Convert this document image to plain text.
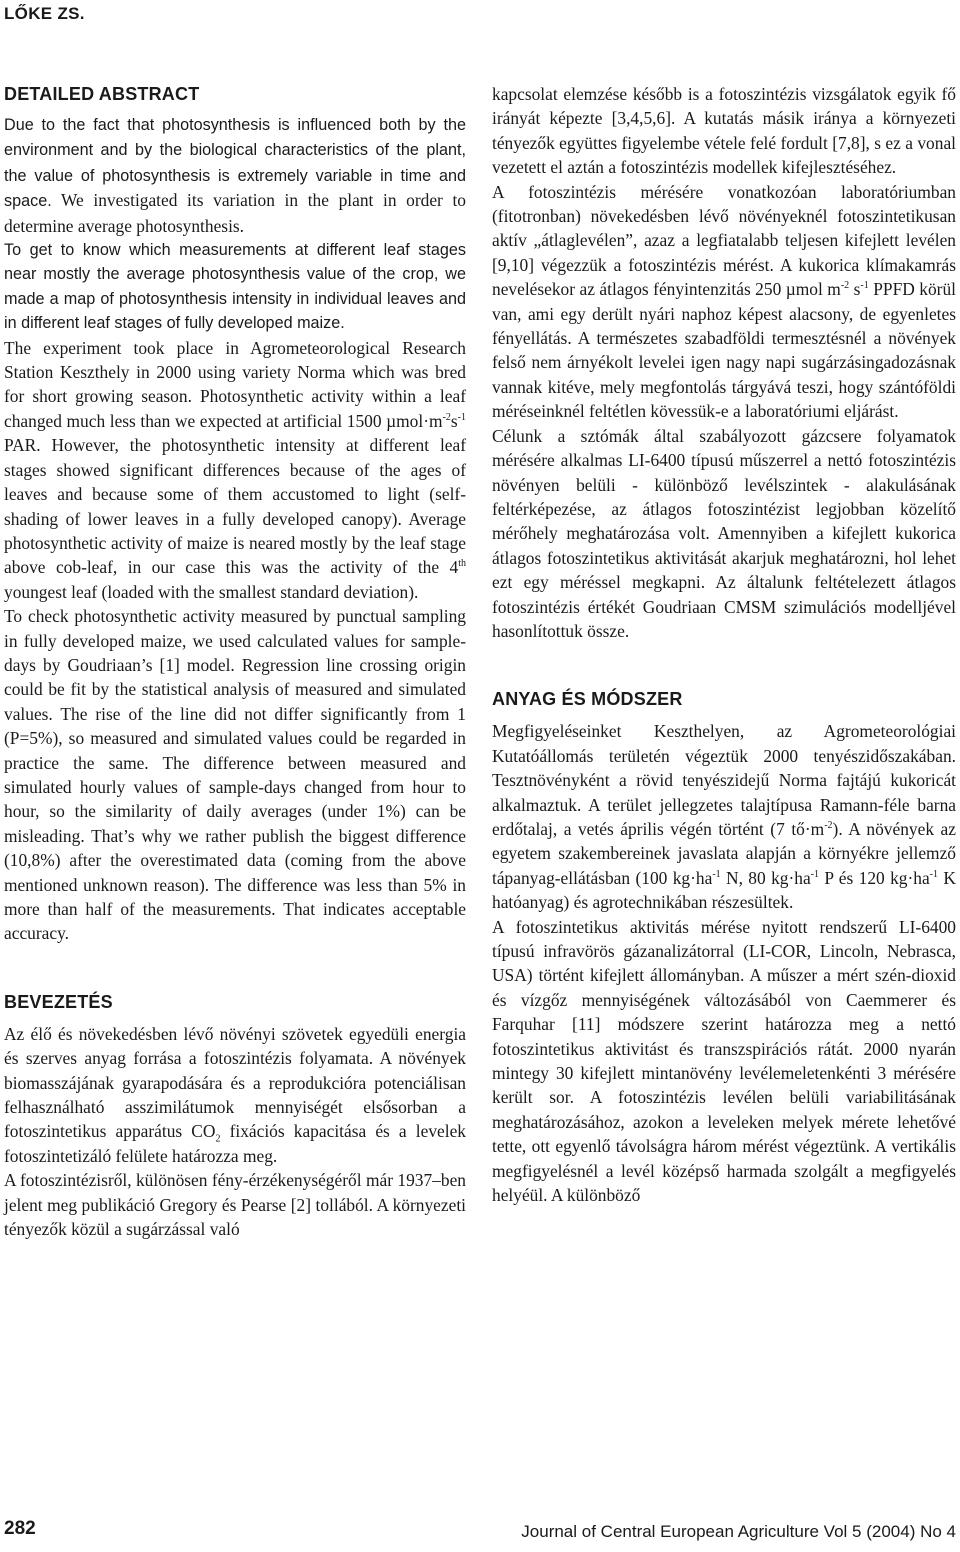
LŐKE ZS.
DETAILED ABSTRACT

Due to the fact that photosynthesis is influenced both by the environment and by the biological characteristics of the plant, the value of photosynthesis is extremely variable in time and space. We investigated its variation in the plant in order to determine average photosynthesis.

To get to know which measurements at different leaf stages near mostly the average photosynthesis value of the crop, we made a map of photosynthesis intensity in individual leaves and in different leaf stages of fully developed maize.

The experiment took place in Agrometeorological Research Station Keszthely in 2000 using variety Norma which was bred for short growing season. Photosynthetic activity within a leaf changed much less than we expected at artificial 1500 $\mu mol\cdot m^{-2}s^{-1}$ PAR. However, the photosynthetic intensity at different leaf stages showed significant differences because of the ages of leaves and because some of them accustomed to light (self-shading of lower leaves in a fully developed canopy). Average photosynthetic activity of maize is neared mostly by the leaf stage above cob-leaf, in our case this was the activity of the 4th youngest leaf (loaded with the smallest standard deviation).

To check photosynthetic activity measured by punctual sampling in fully developed maize, we used calculated values for sample-days by Goudriaan’s [1] model. Regression line crossing origin could be fit by the statistical analysis of measured and simulated values. The rise of the line did not differ significantly from 1 (P=5%), so measured and simulated values could be regarded in practice the same. The difference between measured and simulated hourly values of sample-days changed from hour to hour, so the similarity of daily averages (under 1%) can be misleading. That’s why we rather publish the biggest difference (10,8%) after the overestimated data (coming from the above mentioned unknown reason). The difference was less than 5% in more than half of the measurements. That indicates acceptable accuracy.

BEVEZETÉS

Az élő és növekedésben lévő növényi szövetek egyedüli energia és szerves anyag forrása a fotoszintézis folyamata. A növények biomasszájának gyarapodására és a reprodukcióra potenciálisan felhasználható asszimilátumok mennyiségét elsősorban a fotoszintetikus apparátus $CO_2$ fixációs kapacitása és a levelek fotoszintetizáló felülete határozza meg.

A fotoszintézisről, különösen fény-érzékenységéről már 1937–ben jelent meg publikáció Gregory és Pearse [2] tollából. A környezeti tényezők közül a sugárzással való

kapcsolat elemzése később is a fotoszintézis vizsgálatok egyik fő irányát képezte [3,4,5,6]. A kutatás másik iránya a környezeti tényezők együttes figyelembe vétele felé fordult [7,8], s ez a vonal vezetett el aztán a fotoszintézis modellek kifejlesztéséhez.

A fotoszintézis mérésére vonatkozóan laboratóriumban (fitotronban) növekedésben lévő növényeknél fotoszintetikusan aktív „átlaglevélen”, azaz a legfiatalabb teljesen kifejlett levélen [9,10] végezzük a fotoszintézis mérést. A kukorica klímakamrás nevelésekor az átlagos fényintenzitás 250 µmol $m^{-2}$ $s^{-1}$ PPFD körül van, ami egy derült nyári naphoz képest alacsony, de egyenletes fényellátás. A természetes szabadföldi termesztésnél a növények felső nem árnyékolt levelei igen nagy napi sugárzásingadozásnak vannak kitéve, mely megfontolás tárgyává teszi, hogy szántóföldi méréseinknél feltétlen kövessük-e a laboratóriumi eljárást.

Célunk a sztómák által szabályozott gázcsere folyamatok mérésére alkalmas LI-6400 típusú műszerrel a nettó fotoszintézis növényen belüli - különböző levélszintek - alakulásának feltérképezése, az átlagos fotoszintézist legjobban közelítő mérőhely meghatározása volt. Amennyiben a kifejlett kukorica átlagos fotoszintetikus aktivitását akarjuk meghatározni, hol lehet ezt egy méréssel megkapni. Az általunk feltételezett átlagos fotoszintézis értékét Goudriaan CMSM szimulációs modelljével hasonlítottuk össze.

ANYAG ÉS MÓDSZER

Megfigyeléseinket Keszthelyen, az Agrometeorológiai Kutatóállomás területén végeztük 2000 tenyészidőszakában. Tesztnövényként a rövid tenyészidejű Norma fajtájú kukoricát alkalmaztuk. A terület jellegzetes talajtípusa Ramann-féle barna erdőtalaj, a vetés április végén történt (7 $tő\cdot m^{-2}$). A növények az egyetem szakembereinek javaslata alapján a környékre jellemző tápanyag-ellátásban (100 $kg\cdot ha^{-1}$ N, 80 $kg\cdot ha^{-1}$ P és 120 $kg\cdot ha^{-1}$ K hatóanyag) és agrotechnikában részesültek.

A fotoszintetikus aktivitás mérése nyitott rendszerű LI-6400 típusú infravörös gázanalizátorral (LI-COR, Lincoln, Nebrasca, USA) történt kifejlett állományban. A műszer a mért szén-dioxid és vízgőz mennyiségének változásából von Caemmerer és Farquhar [11] módszere szerint határozza meg a nettó fotoszintetikus aktivitást és transzspirációs rátát. 2000 nyarán mintegy 30 kifejlett mintanövény levélemeletenkénti 3 mérésére került sor. A fotoszintézis levélen belüli variabilitásának meghatározásához, azokon a leveleken melyek mérete lehetővé tette, ott egyenlő távolságra három mérést végeztünk. A vertikális megfigyelésnél a levél középső harmada szolgált a megfigyelés helyéül. A különböző

282	Journal of Central European Agriculture Vol 5 (2004) No 4
